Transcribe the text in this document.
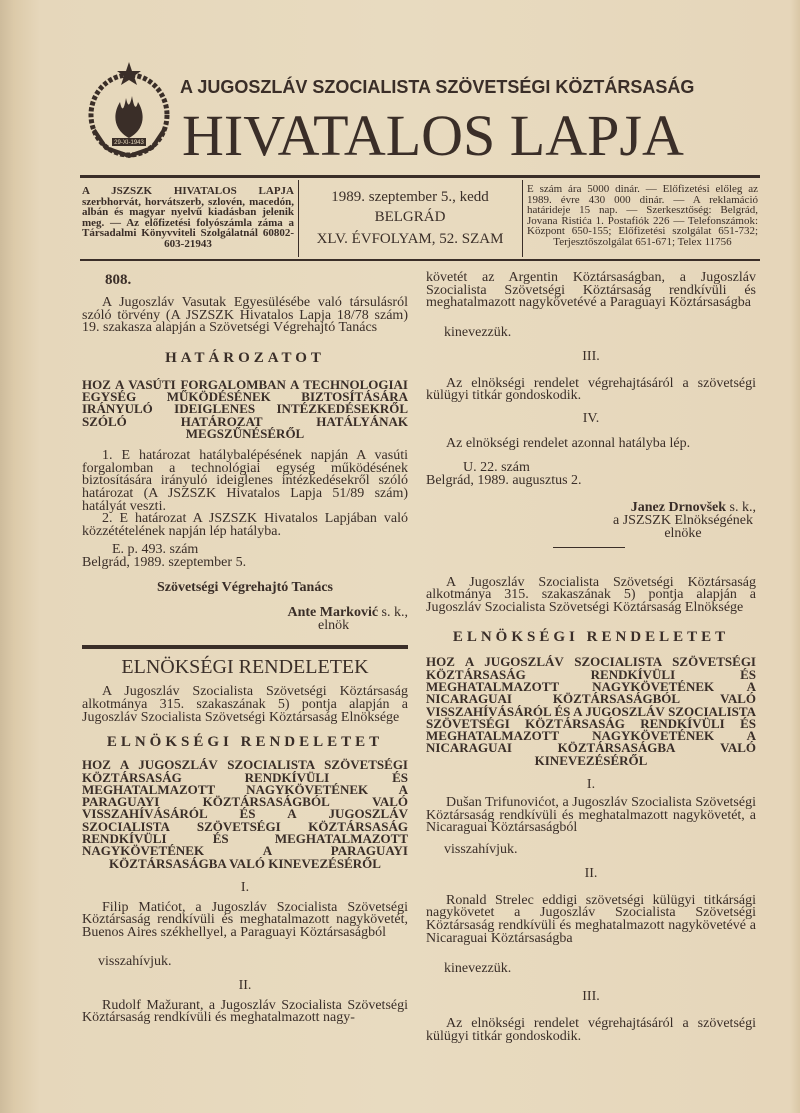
29-XI-1943
A JUGOSZLÁV SZOCIALISTA SZÖVETSÉGI KÖZTÁRSASÁG
HIVATALOS LAPJA
A JSZSZK HIVATALOS LAPJA szerbhorvát, horvátszerb, szlovén, macedón, albán és magyar nyelvű kiadásban jelenik meg. — Az előfizetési folyószámla záma a Társadalmi Könyvviteli Szolgálatnál 60802-603-21943
1989. szeptember 5., kedd
BELGRÁD
XLV. ÉVFOLYAM, 52. SZAM
E szám ára 5000 dinár. — Előfizetési előleg az 1989. évre 430 000 dinár. — A reklamáció határideje 15 nap. — Szerkesztőség: Belgrád, Jovana Ristića 1. Postafiók 226 — Telefonszámok: Központ 650-155; Előfizetési szolgálat 651-732; Terjesztőszolgálat 651-671; Telex 11756
808.
A Jugoszláv Vasutak Egyesülésébe való társulásról szóló törvény (A JSZSZK Hivatalos Lapja 18/78 szám) 19. szakasza alapján a Szövetségi Végrehajtó Tanács
HATÁROZATOT
HOZ A VASÚTI FORGALOMBAN A TECHNOLOGIAI EGYSÉG MŰKÖDÉSÉNEK BIZTOSÍTÁSÁRA IRÁNYULÓ IDEIGLENES INTÉZKEDÉSEKRŐL SZÓLÓ HATÁROZAT HATÁLYÁNAK MEGSZŰNÉSÉRŐL
1. E határozat hatálybalépésének napján A vasúti forgalomban a technológiai egység működésének biztosítására irányuló ideiglenes intézkedésekről szóló határozat (A JSZSZK Hivatalos Lapja 51/89 szám) hatályát veszti.
2. E határozat A JSZSZK Hivatalos Lapjában való közzétételének napján lép hatályba.
E. p. 493. szám
Belgrád, 1989. szeptember 5.
Szövetségi Végrehajtó Tanács
Ante Marković s. k.,
elnök
ELNÖKSÉGI RENDELETEK
A Jugoszláv Szocialista Szövetségi Köztársaság alkotmánya 315. szakaszának 5) pontja alapján a Jugoszláv Szocialista Szövetségi Köztársaság Elnöksége
ELNÖKSÉGI RENDELETET
HOZ A JUGOSZLÁV SZOCIALISTA SZÖVETSÉGI KÖZTÁRSASÁG RENDKÍVÜLI ÉS MEGHATALMAZOTT NAGYKÖVETÉNEK A PARAGUAYI KÖZTÁRSASÁGBÓL VALÓ VISSZAHÍVÁSÁRÓL ÉS A JUGOSZLÁV SZOCIALISTA SZÖVETSÉGI KÖZTÁRSASÁG RENDKÍVÜLI ÉS MEGHATALMAZOTT NAGYKÖVETÉNEK A PARAGUAYI KÖZTÁRSASÁGBA VALÓ KINEVEZÉSÉRŐL
I.
Filip Matićot, a Jugoszláv Szocialista Szövetségi Köztársaság rendkívüli és meghatalmazott nagykövetét, Buenos Aires székhellyel, a Paraguayi Köztársaságból
visszahívjuk.
II.
Rudolf Mažurant, a Jugoszláv Szocialista Szövetségi Köztársaság rendkívüli és meghatalmazott nagy-
követét az Argentin Köztársaságban, a Jugoszláv Szocialista Szövetségi Köztársaság rendkívüli és meghatalmazott nagykövetévé a Paraguayi Köztársaságba
kinevezzük.
III.
Az elnökségi rendelet végrehajtásáról a szövetségi külügyi titkár gondoskodik.
IV.
Az elnökségi rendelet azonnal hatályba lép.
U. 22. szám
Belgrád, 1989. augusztus 2.
Janez Drnovšek s. k.,
a JSZSZK Elnökségének
elnöke
A Jugoszláv Szocialista Szövetségi Köztársaság alkotmánya 315. szakaszának 5) pontja alapján a Jugoszláv Szocialista Szövetségi Köztársaság Elnöksége
ELNÖKSÉGI RENDELETET
HOZ A JUGOSZLÁV SZOCIALISTA SZÖVETSÉGI KÖZTÁRSASÁG RENDKÍVÜLI ÉS MEGHATALMAZOTT NAGYKÖVETÉNEK A NICARAGUAI KÖZTÁRSASÁGBÓL VALÓ VISSZAHÍVÁSÁRÓL ÉS A JUGOSZLÁV SZOCIALISTA SZÖVETSÉGI KÖZTÁRSASÁG RENDKÍVÜLI ÉS MEGHATALMAZOTT NAGYKÖVETÉNEK A NICARAGUAI KÖZTÁRSASÁGBA VALÓ KINEVEZÉSÉRŐL
I.
Dušan Trifunovićot, a Jugoszláv Szocialista Szövetségi Köztársaság rendkívüli és meghatalmazott nagykövetét, a Nicaraguai Köztársaságból
visszahívjuk.
II.
Ronald Strelec eddigi szövetségi külügyi titkársági nagykövetet a Jugoszláv Szocialista Szövetségi Köztársaság rendkívüli és meghatalmazott nagykövetévé a Nicaraguai Köztársaságba
kinevezzük.
III.
Az elnökségi rendelet végrehajtásáról a szövetségi külügyi titkár gondoskodik.
